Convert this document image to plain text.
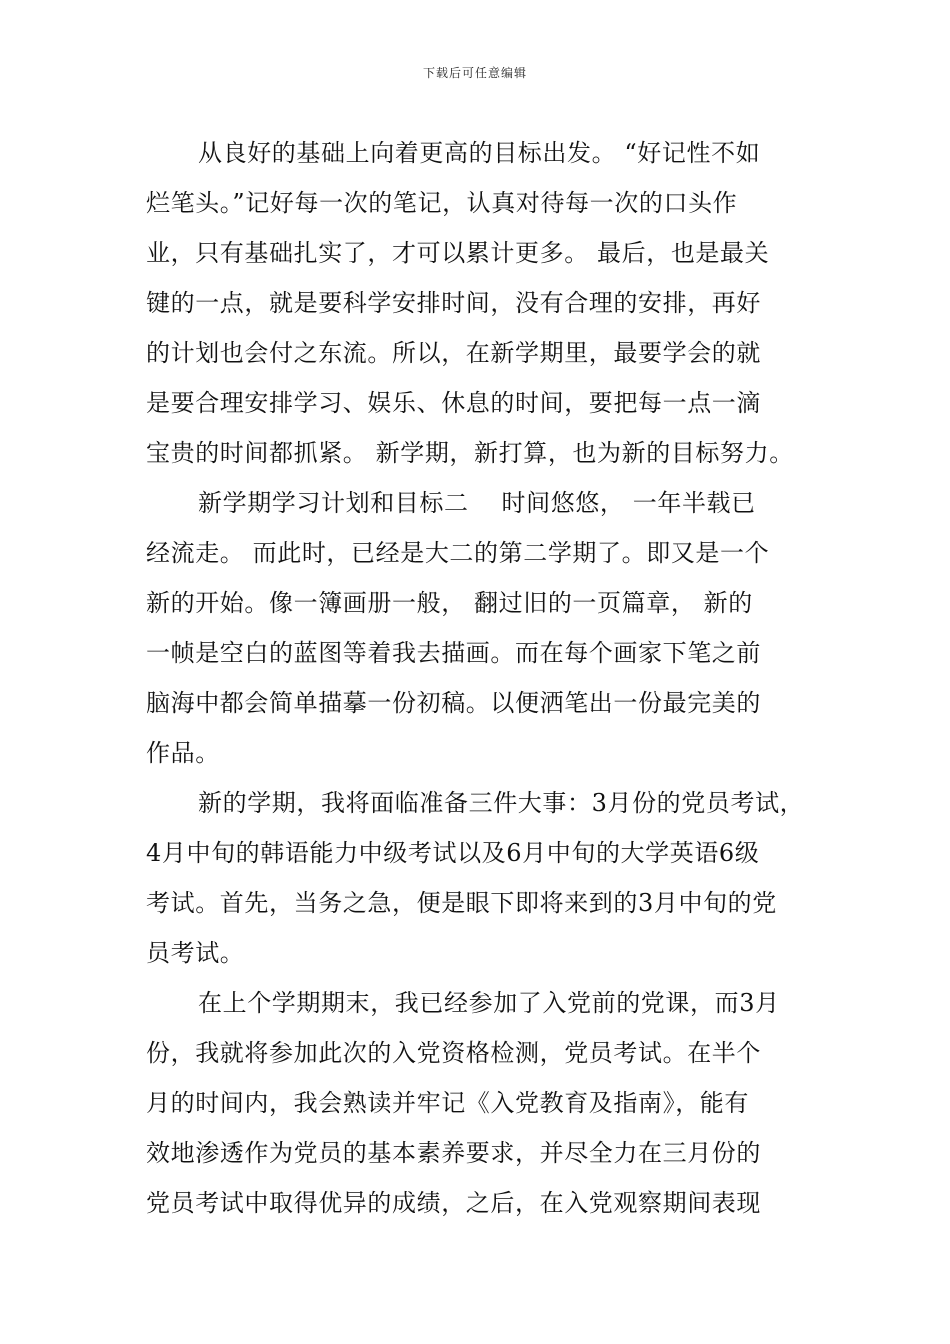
下载后可任意编辑
从良好的基础上向着更高的目标出发。 “好记性不如
烂笔头。”记好每一次的笔记，认真对待每一次的口头作
业，只有基础扎实了，才可以累计更多。 最后，也是最关
键的一点，就是要科学安排时间，没有合理的安排，再好
的计划也会付之东流。所以，在新学期里，最要学会的就
是要合理安排学习、娱乐、休息的时间，要把每一点一滴
宝贵的时间都抓紧。 新学期，新打算，也为新的目标努力。
新学期学习计划和目标二    时间悠悠， 一年半载已
经流走。 而此时，已经是大二的第二学期了。即又是一个
新的开始。像一簿画册一般， 翻过旧的一页篇章， 新的
一帧是空白的蓝图等着我去描画。而在每个画家下笔之前
脑海中都会简单描摹一份初稿。以便洒笔出一份最完美的
作品。
新的学期，我将面临准备三件大事：3月份的党员考试，
4月中旬的韩语能力中级考试以及6月中旬的大学英语6级
考试。首先，当务之急，便是眼下即将来到的3月中旬的党
员考试。
在上个学期期末，我已经参加了入党前的党课，而3月
份，我就将参加此次的入党资格检测，党员考试。在半个
月的时间内，我会熟读并牢记《入党教育及指南》，能有
效地渗透作为党员的基本素养要求，并尽全力在三月份的
党员考试中取得优异的成绩，之后，在入党观察期间表现
